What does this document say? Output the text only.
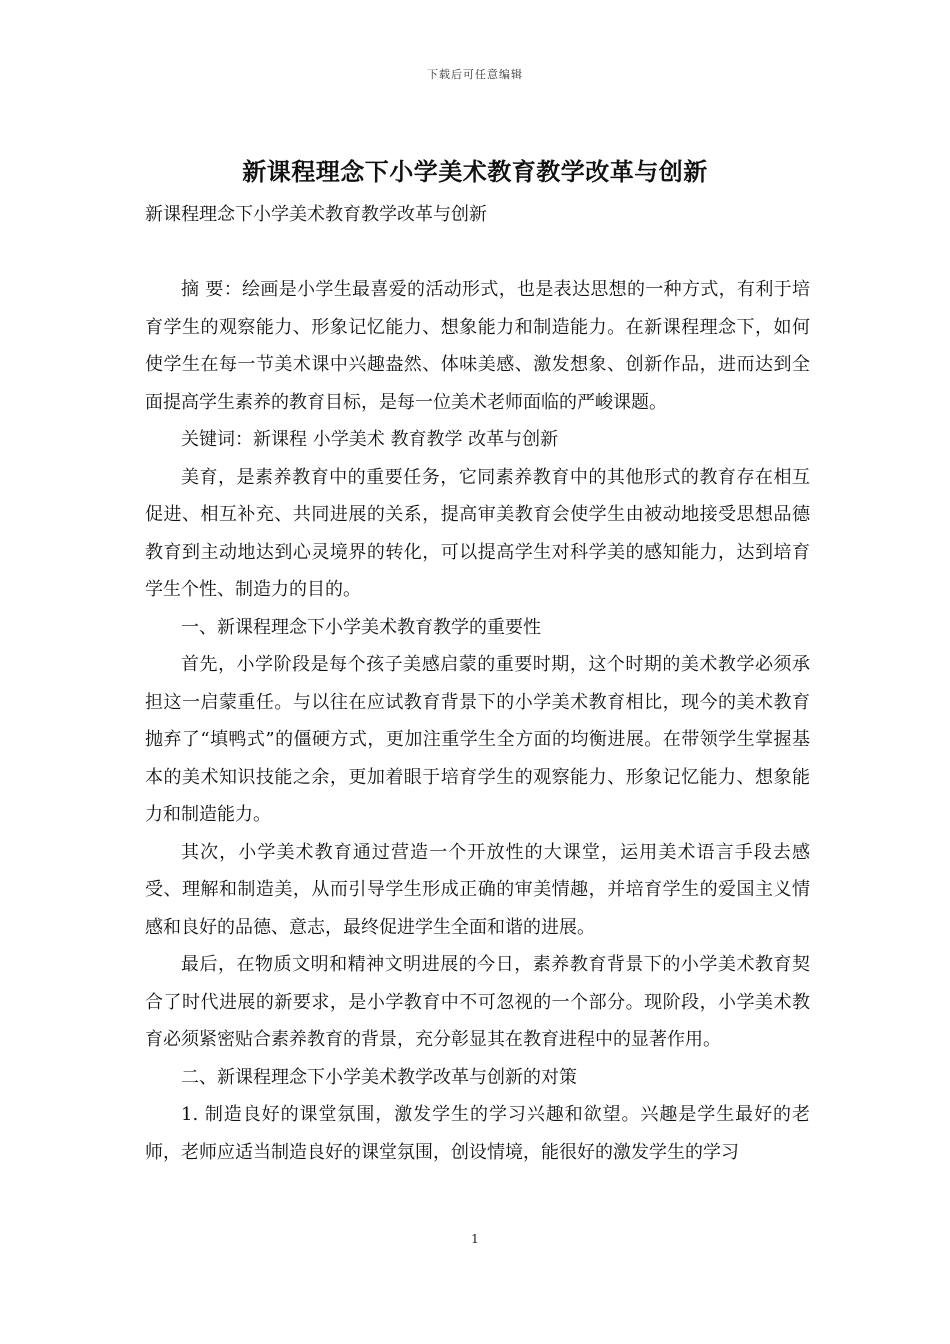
下载后可任意编辑
新课程理念下小学美术教育教学改革与创新

新课程理念下小学美术教育教学改革与创新

摘 要：绘画是小学生最喜爱的活动形式，也是表达思想的一种方式，有利于培育学生的观察能力、形象记忆能力、想象能力和制造能力。在新课程理念下，如何使学生在每一节美术课中兴趣盎然、体味美感、激发想象、创新作品，进而达到全面提高学生素养的教育目标，是每一位美术老师面临的严峻课题。

关键词：新课程 小学美术 教育教学 改革与创新

美育，是素养教育中的重要任务，它同素养教育中的其他形式的教育存在相互促进、相互补充、共同进展的关系，提高审美教育会使学生由被动地接受思想品德教育到主动地达到心灵境界的转化，可以提高学生对科学美的感知能力，达到培育学生个性、制造力的目的。

一、新课程理念下小学美术教育教学的重要性

首先，小学阶段是每个孩子美感启蒙的重要时期，这个时期的美术教学必须承担这一启蒙重任。与以往在应试教育背景下的小学美术教育相比，现今的美术教育抛弃了“填鸭式”的僵硬方式，更加注重学生全方面的均衡进展。在带领学生掌握基本的美术知识技能之余，更加着眼于培育学生的观察能力、形象记忆能力、想象能力和制造能力。

其次，小学美术教育通过营造一个开放性的大课堂，运用美术语言手段去感受、理解和制造美，从而引导学生形成正确的审美情趣，并培育学生的爱国主义情感和良好的品德、意志，最终促进学生全面和谐的进展。

最后，在物质文明和精神文明进展的今日，素养教育背景下的小学美术教育契合了时代进展的新要求，是小学教育中不可忽视的一个部分。现阶段，小学美术教育必须紧密贴合素养教育的背景，充分彰显其在教育进程中的显著作用。

二、新课程理念下小学美术教学改革与创新的对策

1. 制造良好的课堂氛围，激发学生的学习兴趣和欲望。兴趣是学生最好的老师，老师应适当制造良好的课堂氛围，创设情境，能很好的激发学生的学习

1
